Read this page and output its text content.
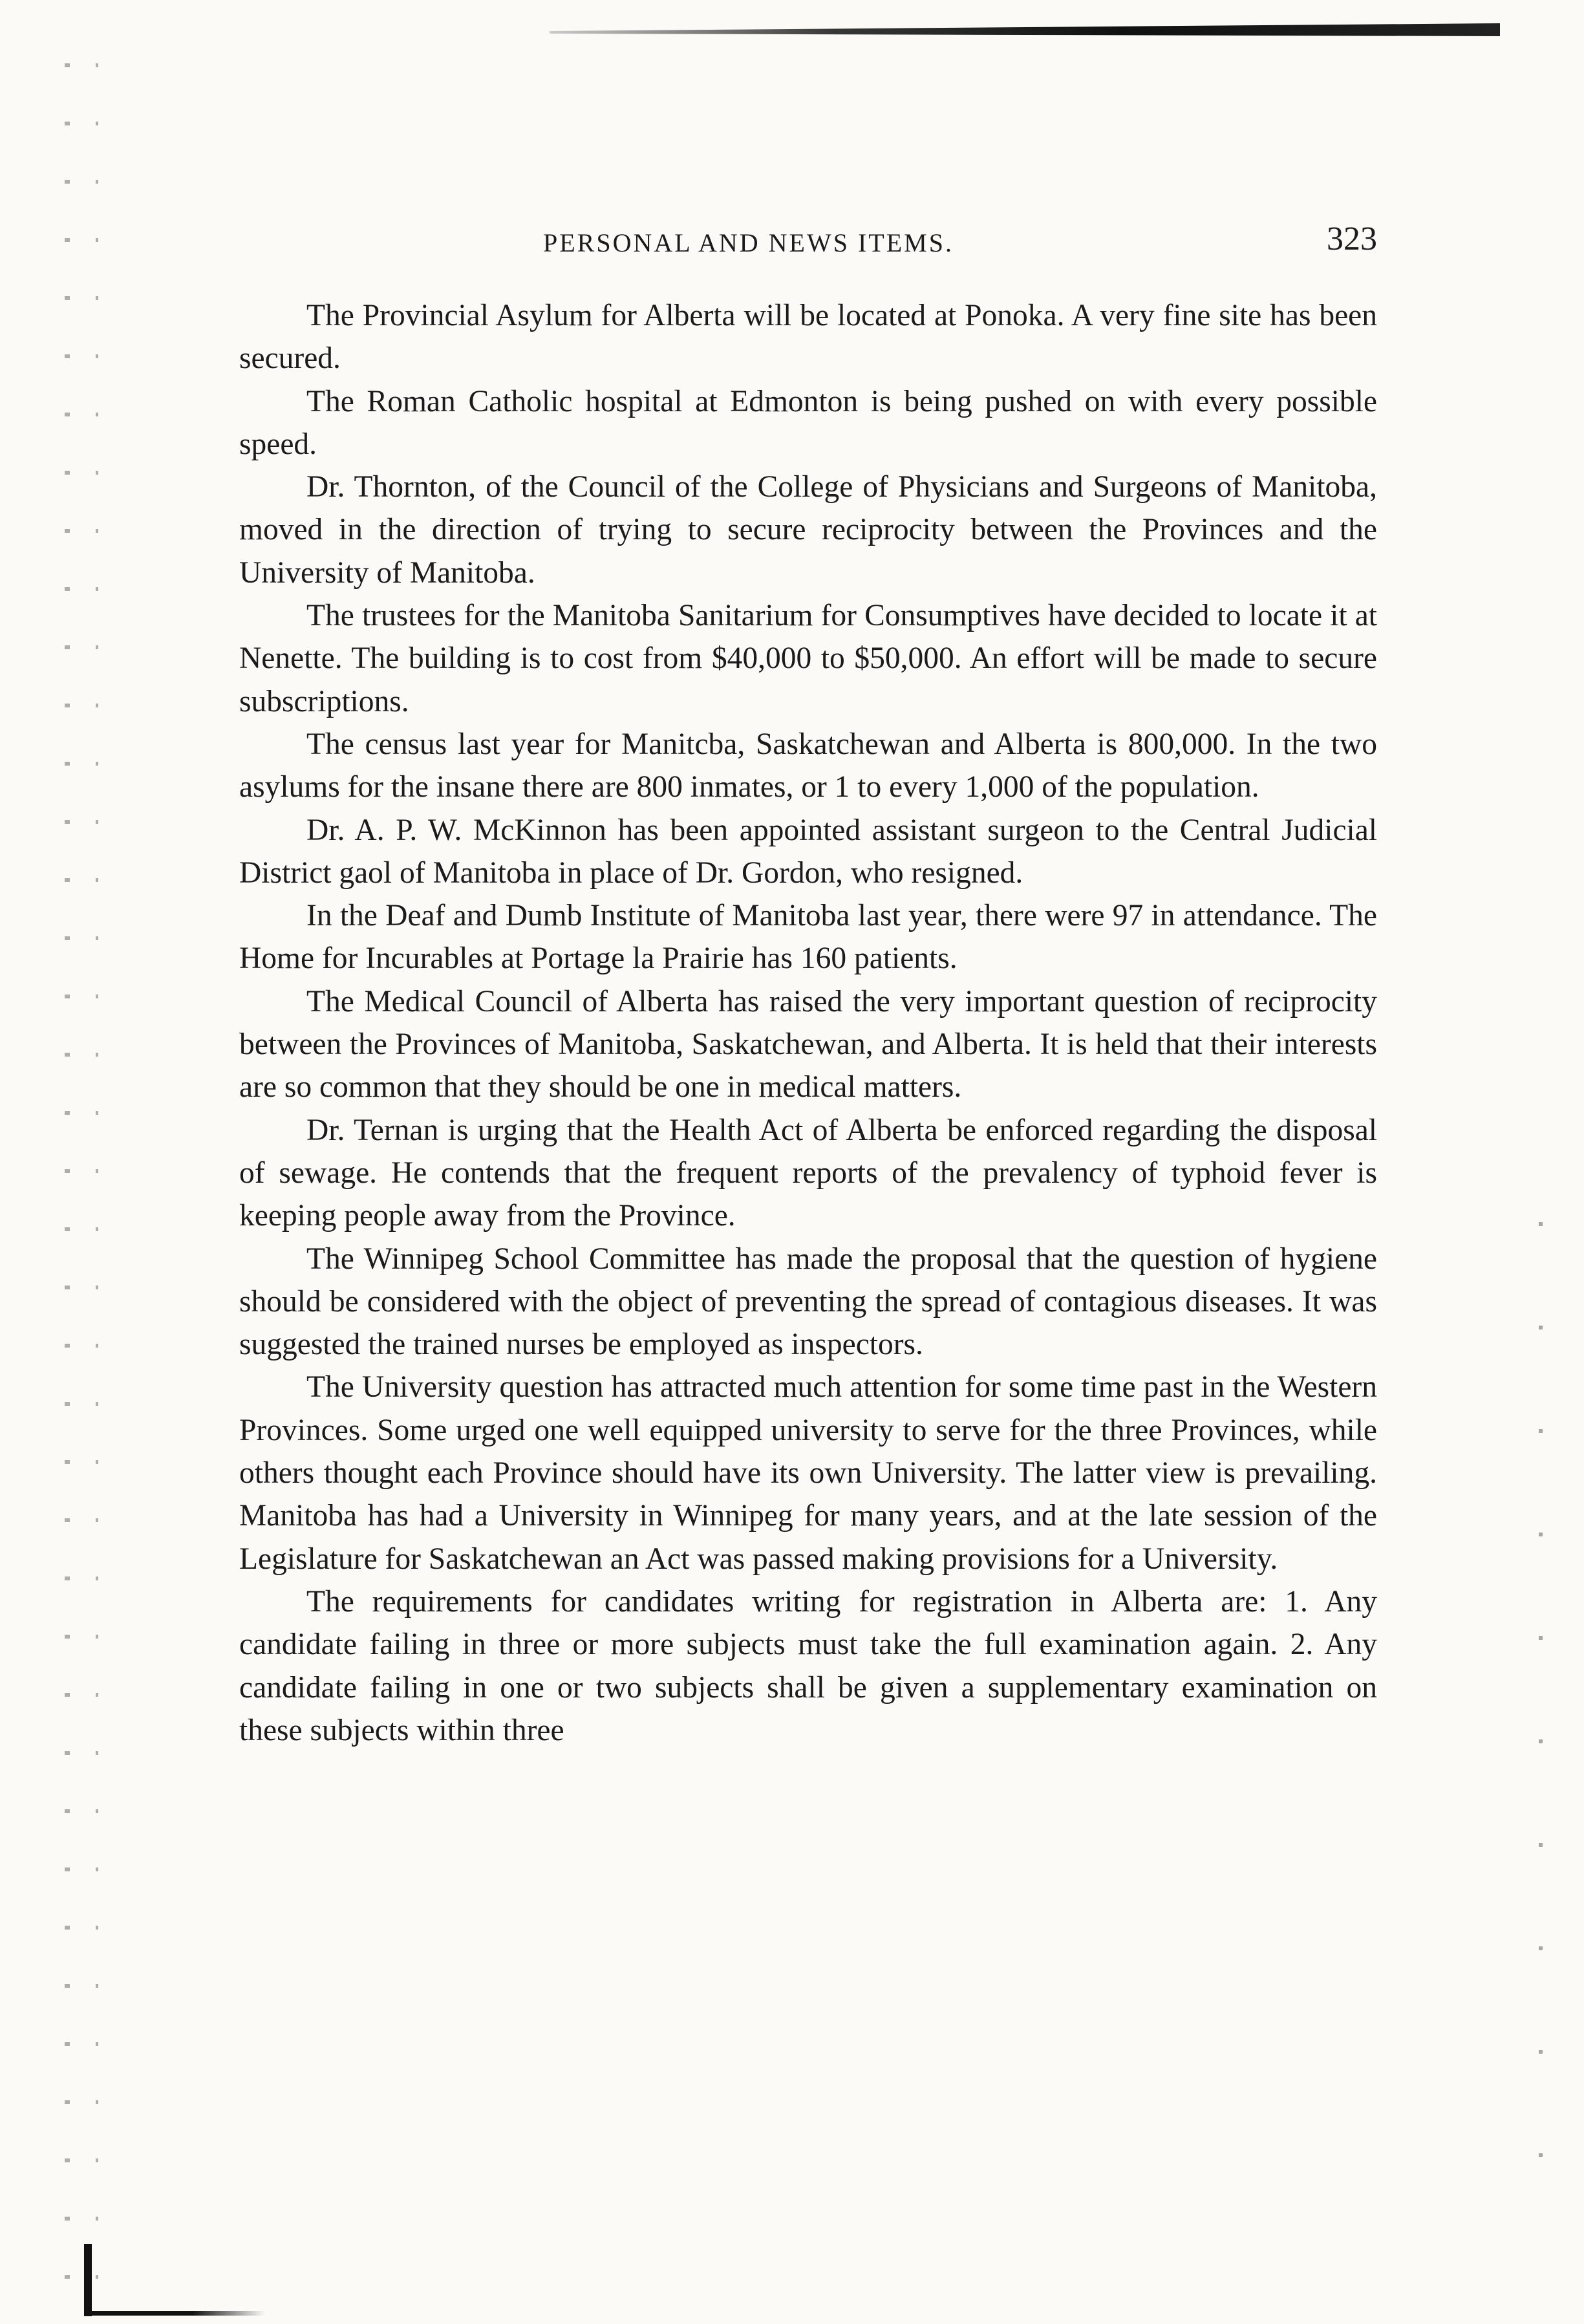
PERSONAL AND NEWS ITEMS.	323

The Provincial Asylum for Alberta will be located at Ponoka. A very fine site has been secured.

The Roman Catholic hospital at Edmonton is being pushed on with every possible speed.

Dr. Thornton, of the Council of the College of Physicians and Surgeons of Manitoba, moved in the direction of trying to secure reciprocity between the Provinces and the University of Manitoba.

The trustees for the Manitoba Sanitarium for Consumptives have decided to locate it at Nenette. The building is to cost from $40,000 to $50,000. An effort will be made to secure subscriptions.

The census last year for Manitcba, Saskatchewan and Alberta is 800,000. In the two asylums for the insane there are 800 inmates, or 1 to every 1,000 of the population.

Dr. A. P. W. McKinnon has been appointed assistant surgeon to the Central Judicial District gaol of Manitoba in place of Dr. Gordon, who resigned.

In the Deaf and Dumb Institute of Manitoba last year, there were 97 in attendance. The Home for Incurables at Portage la Prairie has 160 patients.

The Medical Council of Alberta has raised the very important question of reciprocity between the Provinces of Manitoba, Saskatchewan, and Alberta. It is held that their interests are so common that they should be one in medical matters.

Dr. Ternan is urging that the Health Act of Alberta be enforced regarding the disposal of sewage. He contends that the frequent reports of the prevalency of typhoid fever is keeping people away from the Province.

The Winnipeg School Committee has made the proposal that the question of hygiene should be considered with the object of preventing the spread of contagious diseases. It was suggested the trained nurses be employed as inspectors.

The University question has attracted much attention for some time past in the Western Provinces. Some urged one well equipped university to serve for the three Provinces, while others thought each Province should have its own University. The latter view is prevailing. Manitoba has had a University in Winnipeg for many years, and at the late session of the Legislature for Saskatchewan an Act was passed making provisions for a University.

The requirements for candidates writing for registration in Alberta are: 1. Any candidate failing in three or more subjects must take the full examination again. 2. Any candidate failing in one or two subjects shall be given a supplementary examination on these subjects within three
